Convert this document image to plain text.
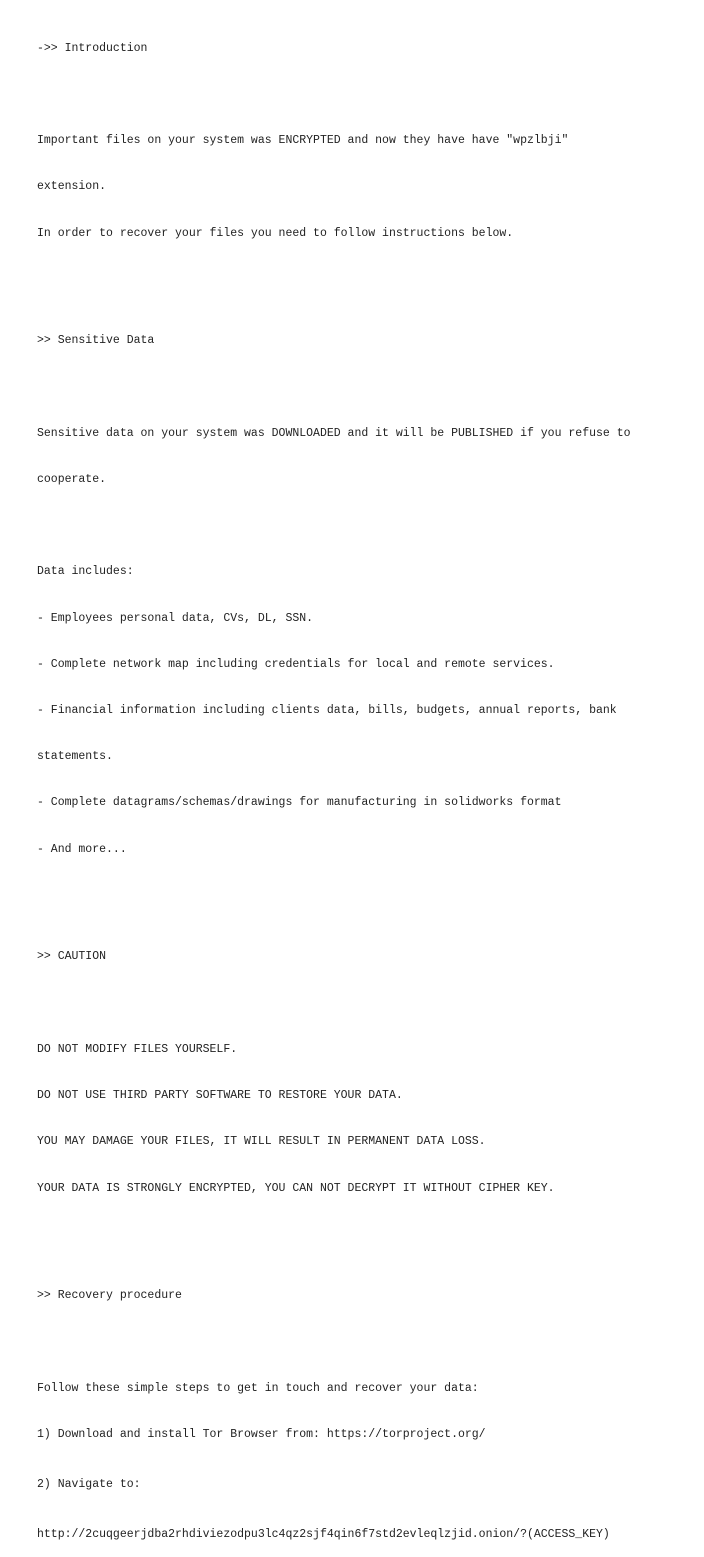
->> Introduction

Important files on your system was ENCRYPTED and now they have have "wpzlbji"

extension.

In order to recover your files you need to follow instructions below.

>> Sensitive Data

Sensitive data on your system was DOWNLOADED and it will be PUBLISHED if you refuse to

cooperate.

Data includes:

- Employees personal data, CVs, DL, SSN.

- Complete network map including credentials for local and remote services.

- Financial information including clients data, bills, budgets, annual reports, bank

statements.

- Complete datagrams/schemas/drawings for manufacturing in solidworks format

- And more...

>> CAUTION

DO NOT MODIFY FILES YOURSELF.

DO NOT USE THIRD PARTY SOFTWARE TO RESTORE YOUR DATA.

YOU MAY DAMAGE YOUR FILES, IT WILL RESULT IN PERMANENT DATA LOSS.

YOUR DATA IS STRONGLY ENCRYPTED, YOU CAN NOT DECRYPT IT WITHOUT CIPHER KEY.

>> Recovery procedure

Follow these simple steps to get in touch and recover your data:

1) Download and install Tor Browser from: https://torproject.org/

2) Navigate to:

http://2cuqgeerjdba2rhdiviezodpu3lc4qz2sjf4qin6f7std2evleqlzjid.onion/?(ACCESS_KEY)
